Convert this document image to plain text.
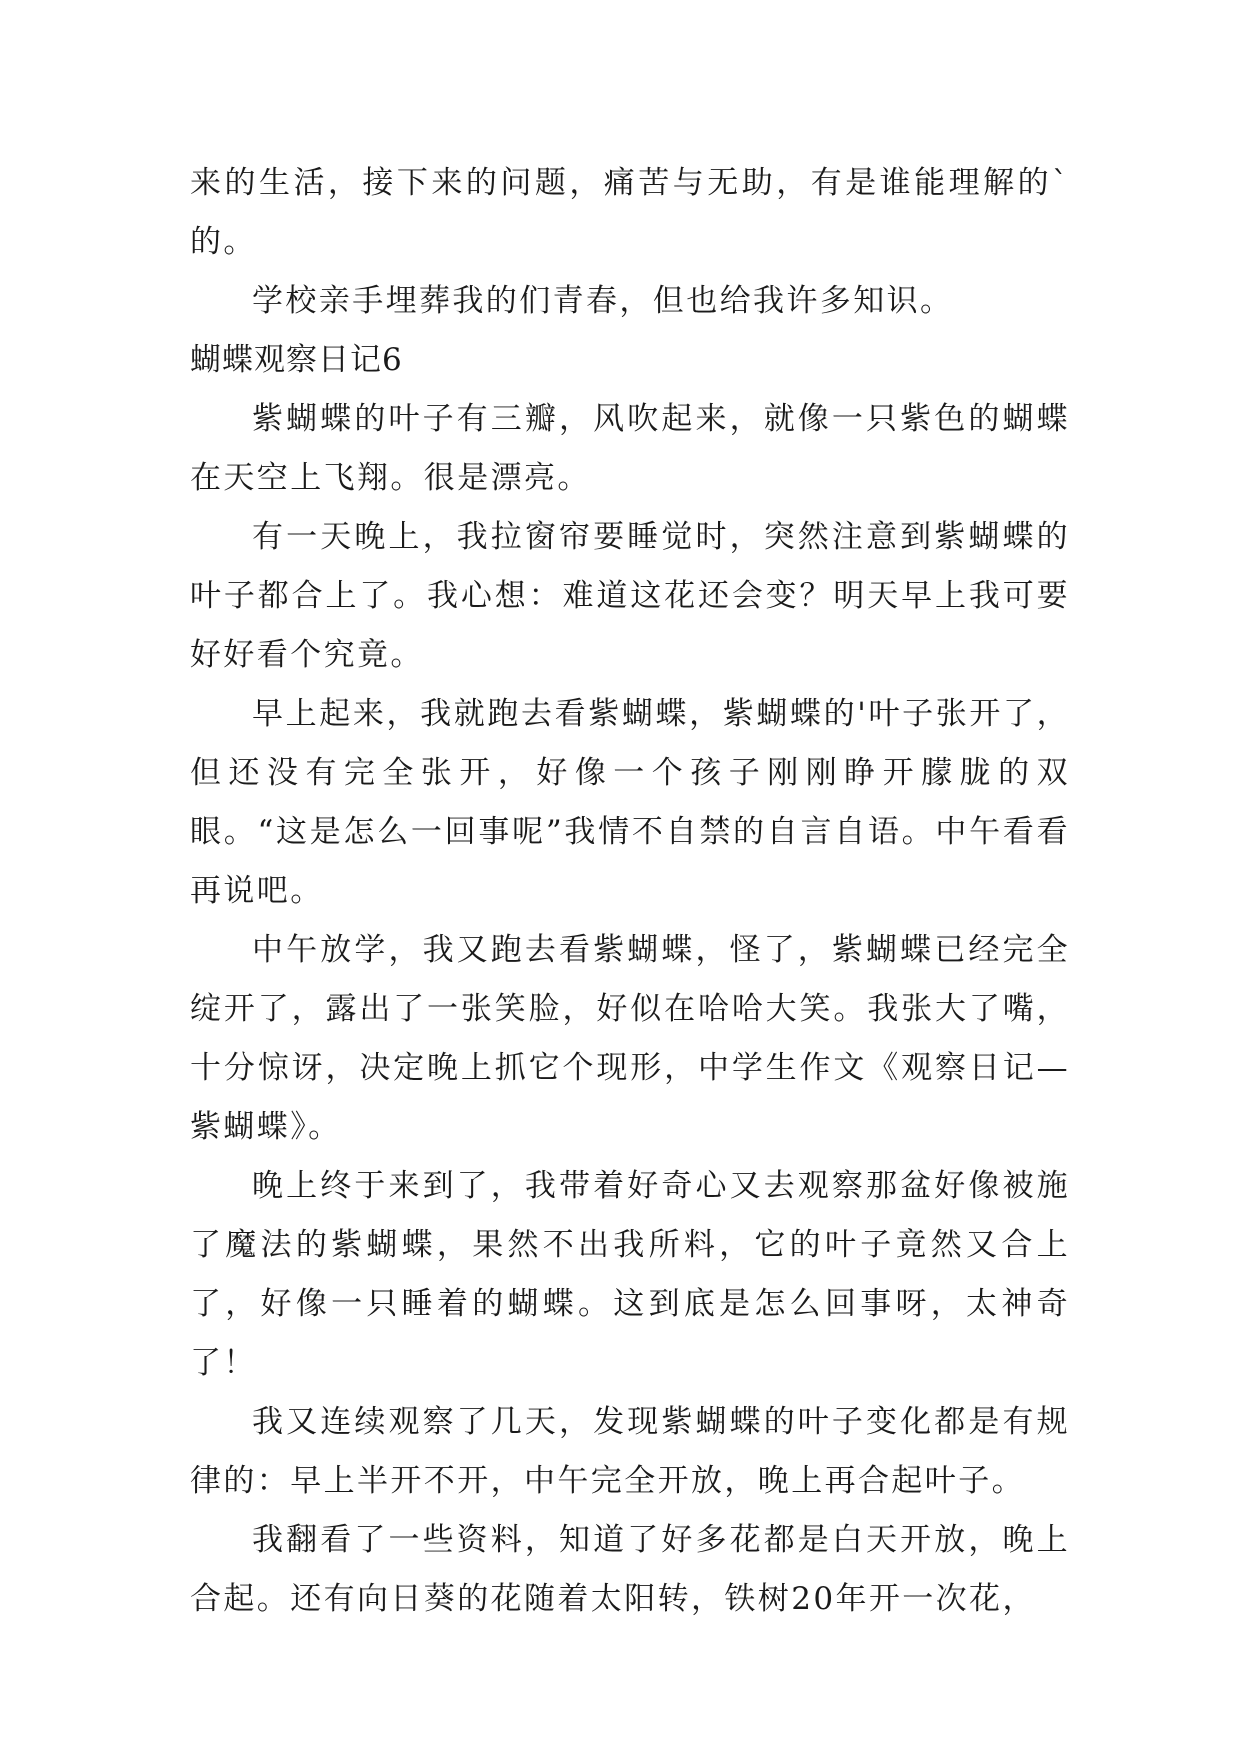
来的生活，接下来的问题，痛苦与无助，有是谁能理解的`的。

学校亲手埋葬我的们青春，但也给我许多知识。

蝴蝶观察日记6

紫蝴蝶的叶子有三瓣，风吹起来，就像一只紫色的蝴蝶在天空上飞翔。很是漂亮。

有一天晚上，我拉窗帘要睡觉时，突然注意到紫蝴蝶的叶子都合上了。我心想：难道这花还会变？明天早上我可要好好看个究竟。

早上起来，我就跑去看紫蝴蝶，紫蝴蝶的'叶子张开了，但还没有完全张开，好像一个孩子刚刚睁开朦胧的双眼。“这是怎么一回事呢”我情不自禁的自言自语。中午看看再说吧。

中午放学，我又跑去看紫蝴蝶，怪了，紫蝴蝶已经完全绽开了，露出了一张笑脸，好似在哈哈大笑。我张大了嘴，十分惊讶，决定晚上抓它个现形，中学生作文《观察日记—紫蝴蝶》。

晚上终于来到了，我带着好奇心又去观察那盆好像被施了魔法的紫蝴蝶，果然不出我所料，它的叶子竟然又合上了，好像一只睡着的蝴蝶。这到底是怎么回事呀，太神奇了！

我又连续观察了几天，发现紫蝴蝶的叶子变化都是有规律的：早上半开不开，中午完全开放，晚上再合起叶子。

我翻看了一些资料，知道了好多花都是白天开放，晚上合起。还有向日葵的花随着太阳转，铁树20年开一次花，
